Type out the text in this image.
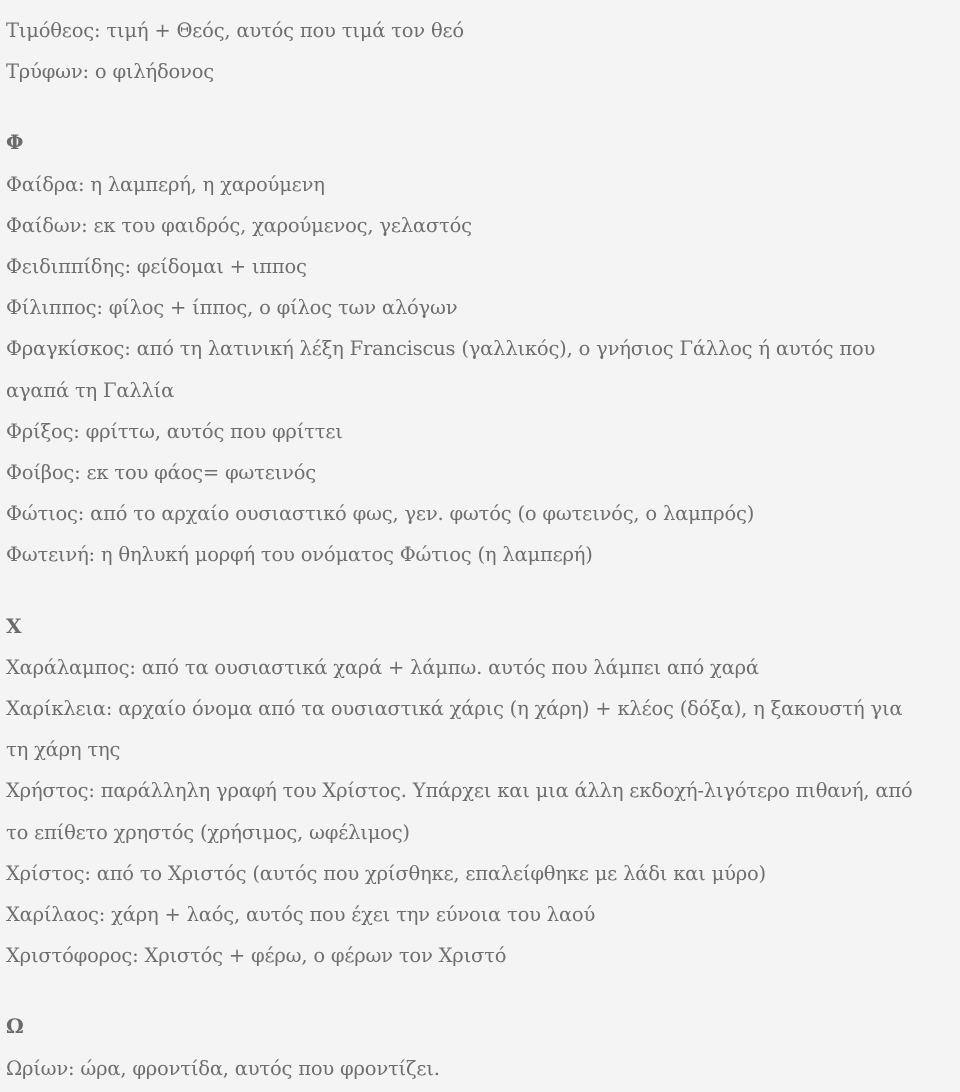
Τιμόθεος: τιμή + Θεός, αυτός που τιμά τον θεό
Τρύφων: ο φιλήδονος
Φ
Φαίδρα: η λαμπερή, η χαρούμενη
Φαίδων: εκ του φαιδρός, χαρούμενος, γελαστός
Φειδιππίδης: φείδομαι + ιππος
Φίλιππος: φίλος + ίππος, ο φίλος των αλόγων
Φραγκίσκος: από τη λατινική λέξη Franciscus (γαλλικός), ο γνήσιος Γάλλος ή αυτός που
αγαπά τη Γαλλία
Φρίξος: φρίττω, αυτός που φρίττει
Φοίβος: εκ του φάος= φωτεινός
Φώτιος: από το αρχαίο ουσιαστικό φως, γεν. φωτός (ο φωτεινός, ο λαμπρός)
Φωτεινή: η θηλυκή μορφή του ονόματος Φώτιος (η λαμπερή)
Χ
Χαράλαμπος: από τα ουσιαστικά χαρά + λάμπω. αυτός που λάμπει από χαρά
Χαρίκλεια: αρχαίο όνομα από τα ουσιαστικά χάρις (η χάρη) + κλέος (δόξα), η ξακουστή για
τη χάρη της
Χρήστος: παράλληλη γραφή του Χρίστος. Υπάρχει και μια άλλη εκδοχή-λιγότερο πιθανή, από
το επίθετο χρηστός (χρήσιμος, ωφέλιμος)
Χρίστος: από το Χριστός (αυτός που χρίσθηκε, επαλείφθηκε με λάδι και μύρο)
Χαρίλαος: χάρη + λαός, αυτός που έχει την εύνοια του λαού
Χριστόφορος: Χριστός + φέρω, ο φέρων τον Χριστό
Ω
Ωρίων: ώρα, φροντίδα, αυτός που φροντίζει.
